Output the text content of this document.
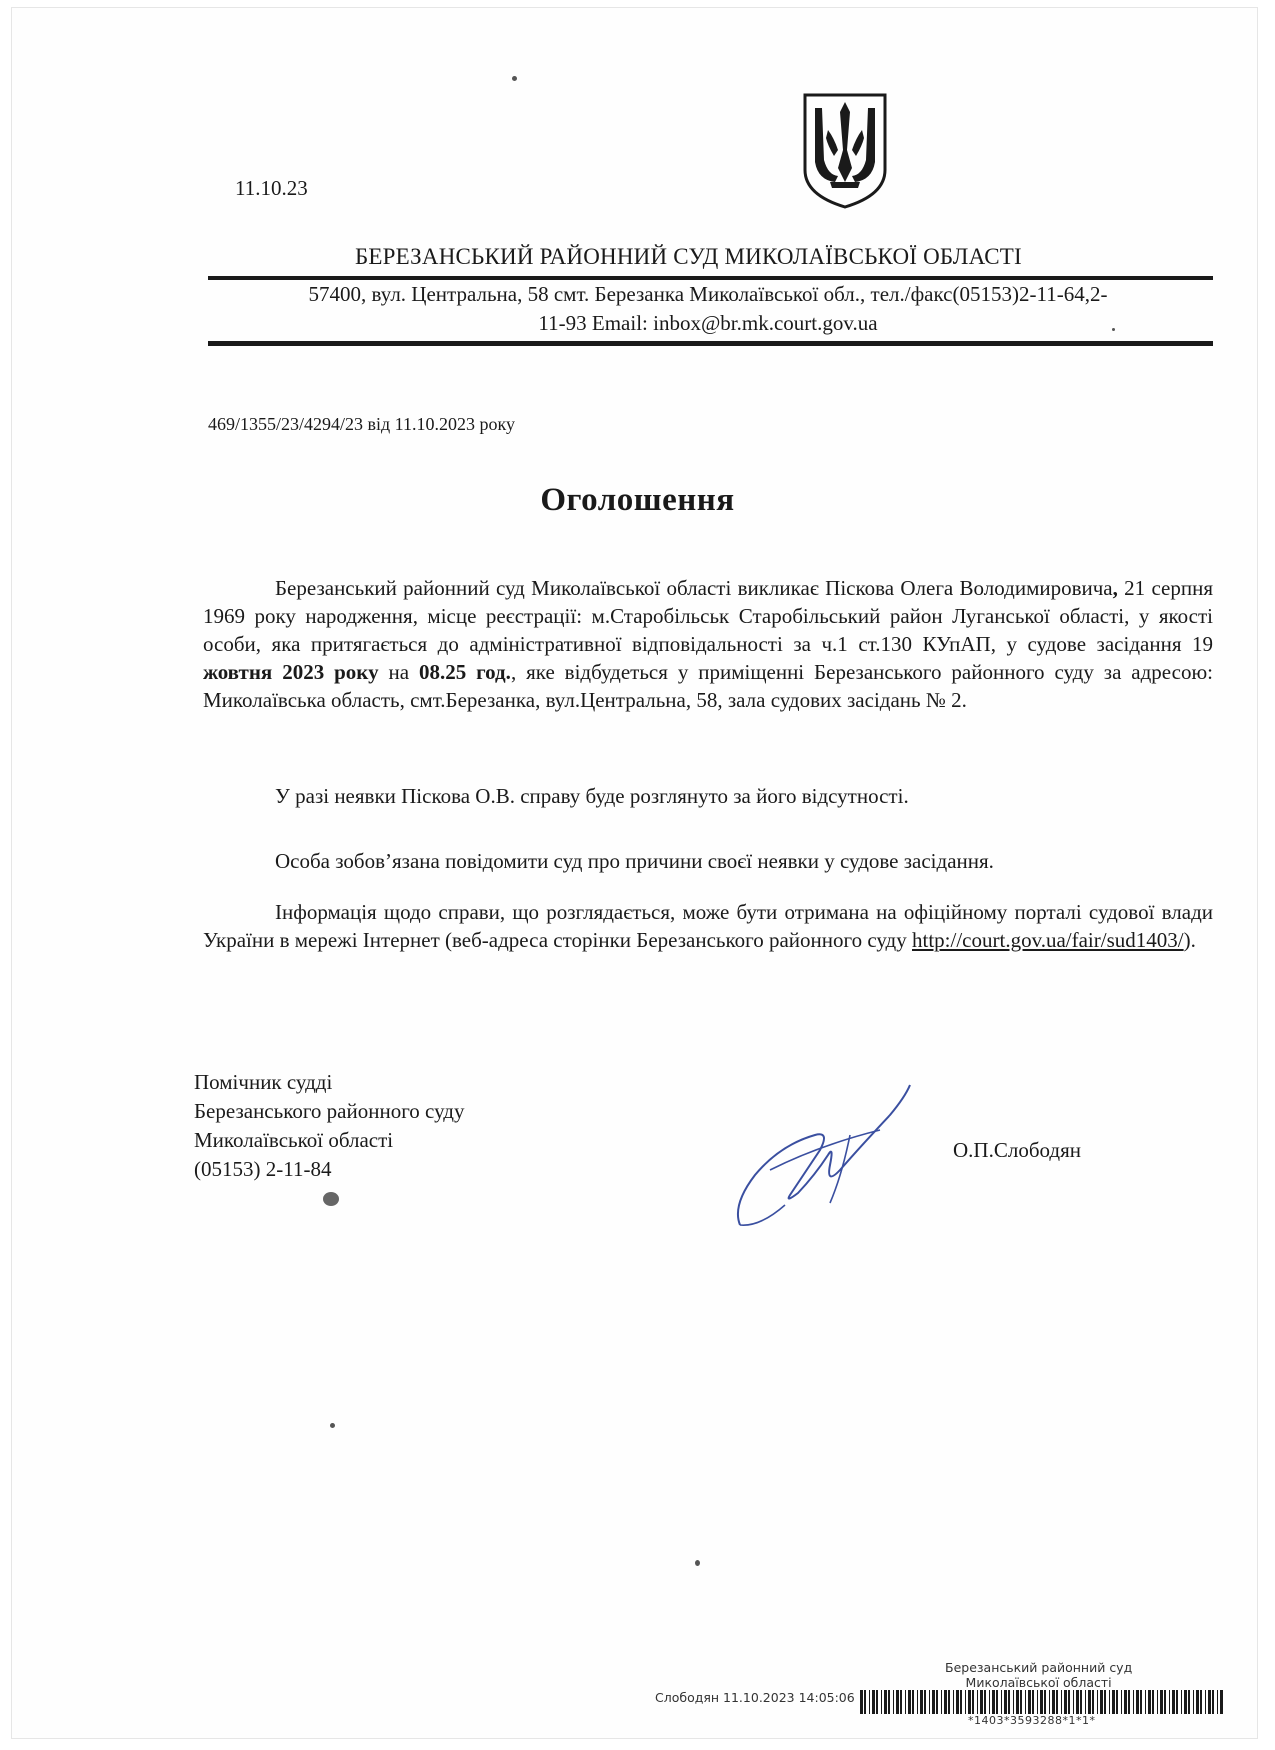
11.10.23
БЕРЕЗАНСЬКИЙ РАЙОННИЙ СУД МИКОЛАЇВСЬКОЇ ОБЛАСТІ
57400, вул. Центральна, 58 смт. Березанка Миколаївської обл., тел./факс(05153)2-11-64,2-
11-93 Email: inbox@br.mk.court.gov.ua
469/1355/23/4294/23 від 11.10.2023 року
Оголошення
Березанський районний суд Миколаївської області викликає Піскова Олега Володимировича, 21 серпня 1969 року народження, місце реєстрації: м.Старобільськ Старобільський район Луганської області, у якості особи, яка притягається до адміністративної відповідальності за ч.1 ст.130 КУпАП, у судове засідання 19 жовтня 2023 року на 08.25 год., яке відбудеться у приміщенні Березанського районного суду за адресою: Миколаївська область, смт.Березанка, вул.Центральна, 58, зала судових засідань № 2.
У разі неявки Піскова О.В. справу буде розглянуто за його відсутності.
Особа зобов’язана повідомити суд про причини своєї неявки у судове засідання.
Інформація щодо справи, що розглядається, може бути отримана на офіційному порталі судової влади України в мережі Інтернет (веб-адреса сторінки Березанського районного суду http://court.gov.ua/fair/sud1403/).
Помічник судді
Березанського районного суду
Миколаївської області
(05153) 2-11-84
О.П.Слободян
Березанський районний суд
Миколаївської області
Слободян 11.10.2023 14:05:06
*1403*3593288*1*1*
